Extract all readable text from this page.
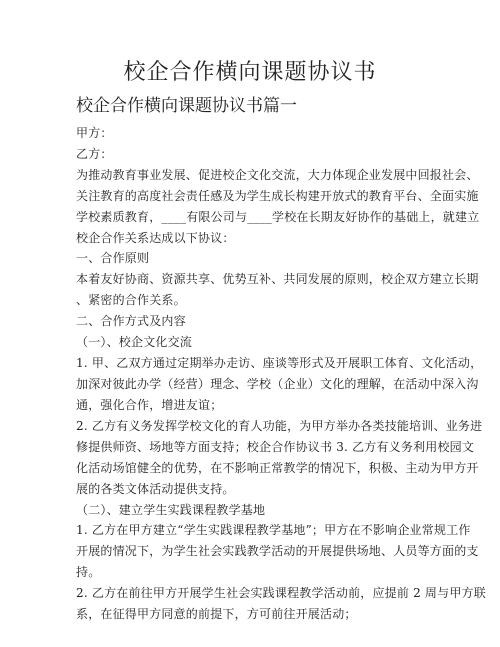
校企合作横向课题协议书
校企合作横向课题协议书篇一
甲方：
乙方：
为推动教育事业发展、促进校企文化交流，大力体现企业发展中回报社会、
关注教育的高度社会责任感及为学生成长构建开放式的教育平台、全面实施
学校素质教育，____有限公司与____学校在长期友好协作的基础上，就建立
校企合作关系达成以下协议：
一、合作原则
本着友好协商、资源共享、优势互补、共同发展的原则，校企双方建立长期
、紧密的合作关系。
二、合作方式及内容
（一）、校企文化交流
1. 甲、乙双方通过定期举办走访、座谈等形式及开展职工体育、文化活动，
加深对彼此办学（经营）理念、学校（企业）文化的理解，在活动中深入沟
通，强化合作，增进友谊；
2. 乙方有义务发挥学校文化的育人功能，为甲方举办各类技能培训、业务进
修提供师资、场地等方面支持；校企合作协议书 3. 乙方有义务利用校园文
化活动场馆健全的优势，在不影响正常教学的情况下，积极、主动为甲方开
展的各类文体活动提供支持。
（二）、建立学生实践课程教学基地
1. 乙方在甲方建立“学生实践课程教学基地”；甲方在不影响企业常规工作
开展的情况下，为学生社会实践教学活动的开展提供场地、人员等方面的支
持。
2. 乙方在前往甲方开展学生社会实践课程教学活动前，应提前 2 周与甲方联
系，在征得甲方同意的前提下，方可前往开展活动；
